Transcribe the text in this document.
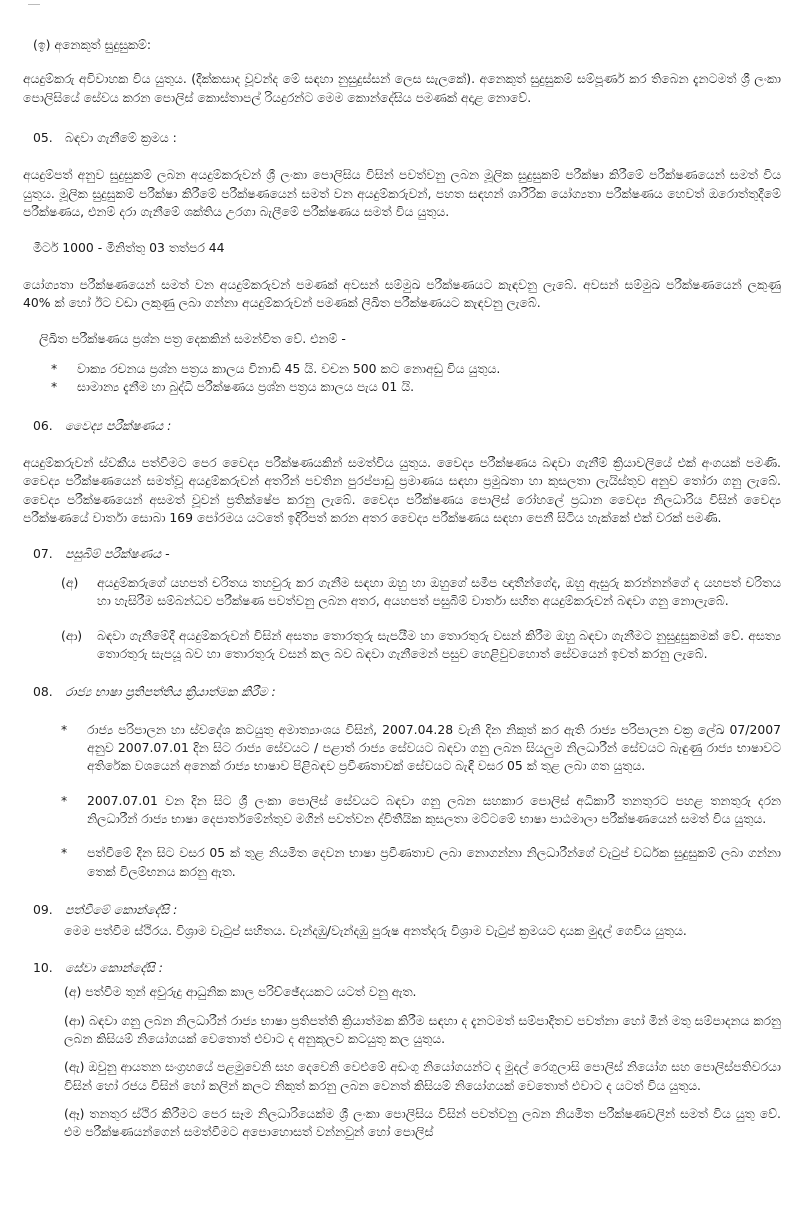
(ඉ) අනෙකුත් සුදුසුකම්:

අයදුම්කරු අවිවාහක විය යුතුය. (දීක්කසාද වූවන්ද මේ සඳහා නුසුදුස්සන් ලෙස සැලකේ). අනෙකුත් සුදුසුකම් සම්පූර්ණ කර තිබෙන දැනටමත් ශ්‍රී ලංකා පොලිසියේ සේවය කරන පොලිස් කොස්තාපල් රියදුරන්ට මෙම කොන්දේසිය පමණක් අදාළ නොවේ.

05. බඳවා ගැනීමේ ක්‍රමය :

අයදුම්පත් අනුව සුදුසුකම් ලබන අයදුම්කරුවන් ශ්‍රී ලංකා පොලිසිය විසින් පවත්වනු ලබන මූලික සුදුසුකම් පරීක්ෂා කිරීමේ පරීක්ෂණයෙන් සමත් විය යුතුය. මූලික සුදුසුකම් පරීක්ෂා කිරීමේ පරීක්ෂණයෙන් සමත් වන අයදුම්කරුවන්, පහත සඳහන් ශාරීරික යෝග්‍යතා පරීක්ෂණය හෙවත් ඔරොත්තුදීමේ පරීක්ෂණය, එනම් දරා ගැනීමේ ශක්තිය උරගා බැලීමේ පරීක්ෂණය සමත් විය යුතුය.

මීටර් 1000 - මිනිත්තු 03 තත්පර 44

යෝග්‍යතා පරීක්ෂණයෙන් සමත් වන අයදුම්කරුවන් පමණක් අවසන් සම්මුඛ පරීක්ෂණයට කැඳවනු ලැබේ. අවසන් සම්මුඛ පරීක්ෂණයෙන් ලකුණු 40% ක් හෝ ඊට වඩා ලකුණු ලබා ගන්නා අයදුම්කරුවන් පමණක් ලිඛිත පරීක්ෂණයට කැඳවනු ලැබේ.

ලිඛිත පරීක්ෂණය ප්‍රශ්න පත්‍ර දෙකකින් සමන්විත වේ. එනම් -

*	වාක්‍ය රචනය ප්‍රශ්න පත්‍රය කාලය විනාඩි 45 යි. වචන 500 කට නොඅඩු විය යුතුය.
*	සාමාන්‍ය දැනීම හා බුද්ධි පරීක්ෂණය ප්‍රශ්න පත්‍රය කාලය පැය 01 යි.

06. වෛද්‍ය පරීක්ෂණය :

අයදුම්කරුවන් ස්වකීය පත්වීමට පෙර වෛද්‍ය පරීක්ෂණයකින් සමත්විය යුතුය. වෛද්‍ය පරීක්ෂණය බඳවා ගැනීම් ක්‍රියාවලියේ එක් අංගයක් පමණි. වෛද්‍ය පරීක්ෂණයෙන් සමත්වූ අයදුම්කරුවන් අතරින් පවතින පුරප්පාඩු ප්‍රමාණය සඳහා ප්‍රමුඛතා හා කුසලතා ලැයිස්තුව අනුව තෝරා ගනු ලැබේ. වෛද්‍ය පරීක්ෂණයෙන් අසමත් වූවන් ප්‍රතික්ෂේප කරනු ලැබේ. වෛද්‍ය පරීක්ෂණය පොලිස් රෝහලේ ප්‍රධාන වෛද්‍ය නිලධාරිය විසින් වෛද්‍ය පරීක්ෂණයේ වාර්තා සොබා 169 පෝරමය යටතේ ඉදිරිපත් කරන අතර වෛද්‍ය පරීක්ෂණය සඳහා පෙනී සිටිය හැක්කේ එක් වරක් පමණි.

07. පසුබිම් පරීක්ෂණය -

(අ)	අයදුම්කරුගේ යහපත් චරිතය තහවුරු කර ගැනීම සඳහා ඔහු හා ඔහුගේ සමීප ඥාතීන්ගේද, ඔහු ඇසුරු කරන්නන්ගේ ද යහපත් චරිතය හා හැසිරීම සම්බන්ධව පරීක්ෂණ පවත්වනු ලබන අතර, අයහපත් පසුබිම් වාර්තා සහිත අයදුම්කරුවන් බඳවා ගනු නොලැබේ.
(ආ)	බඳවා ගැනීමේදී අයදුම්කරුවන් විසින් අසත්‍ය තොරතුරු සැපයීම හා තොරතුරු වසන් කිරීම ඔහු බඳවා ගැනීමට නුසුදුසුකමක් වේ. අසත්‍ය තොරතුරු සැපයූ බව හා තොරතුරු වසන් කල බව බඳවා ගැනීමෙන් පසුව හෙළිවුවහොත් සේවයෙන් ඉවත් කරනු ලැබේ.

08. රාජ්‍ය භාෂා ප්‍රතිපත්තිය ක්‍රියාත්මක කිරීම :

*	රාජ්‍ය පරිපාලන හා ස්වදේශ කටයුතු අමාත්‍යාංශය විසින්, 2007.04.28 වැනි දින නිකුත් කර ඇති රාජ්‍ය පරිපාලන චක්‍ර ලේඛ 07/2007 අනුව 2007.07.01 දින සිට රාජ්‍ය සේවයට / පළාත් රාජ්‍ය සේවයට බඳවා ගනු ලබන සියලුම නිලධාරීන් සේවයට බැඳුණු රාජ්‍ය භාෂාවට අතිරේක වශයෙන් අනෙක් රාජ්‍ය භාෂාව පිළිබඳව ප්‍රවීණතාවක් සේවයට බැඳී වසර 05 ක් තුළ ලබා ගත යුතුය.
*	2007.07.01 වන දින සිට ශ්‍රී ලංකා පොලිස් සේවයට බඳවා ගනු ලබන සහකාර පොලිස් අධිකාරී තනතුරට පහළ තනතුරු දරන නිලධාරීන් රාජ්‍ය භාෂා දෙපාර්තමේන්තුව මගින් පවත්වන ද්විතීයික කුසලතා මට්ටමේ භාෂා පාඨමාලා පරීක්ෂණයෙන් සමත් විය යුතුය.
*	පත්වීමේ දින සිට වසර 05 ක් තුළ නියමිත දෙවන භාෂා ප්‍රවීණතාව ලබා නොගන්නා නිලධාරීන්ගේ වැටුප් වර්ධක සුදුසුකම් ලබා ගන්නා තෙක් විලම්භනය කරනු ඇත.

09. පත්වීමේ කොන්දේසි :

මෙම පත්වීම ස්ථිරය. විශ්‍රාම වැටුප් සහිතය. වැන්දඹු/වැන්දඹු පුරුෂ අනත්දරු විශ්‍රාම වැටුප් ක්‍රමයට දායක මුදල් ගෙවිය යුතුය.

10. සේවා කොන්දේසි :

(අ) පත්වීම තුන් අවුරුදු ආධුනික කාල පරිච්ඡේදයකට යටත් වනු ඇත.

(ආ) බඳවා ගනු ලබන නිලධාරීන් රාජ්‍ය භාෂා ප්‍රතිපත්ති ක්‍රියාත්මක කිරීම සඳහා ද දැනටමත් සම්පාදිතව පවත්නා හෝ මින් මතු සම්පාදනය කරනු ලබන කිසියම් නියෝගයක් වෙතොත් එවාට ද අනුකූලව කටයුතු කල යුතුය.

(ඇ) ඔවුනු ආයතන සංග්‍රහයේ පළමුවෙනි සහ දෙවෙනි වෙළුමේ අඩංගු නියෝගයන්ට ද මුදල් රෙගුලාසි පොලිස් නියෝග සහ පොලිස්පතිවරයා විසින් හෝ රජය විසින් හෝ කලින් කලට නිකුත් කරනු ලබන වෙනත් කිසියම් නියෝගයක් වෙතොත් එවාට ද යටත් විය යුතුය.

(ඈ) තනතුර ස්ථිර කිරීමට පෙර සෑම නිලධාරියෙක්ම ශ්‍රී ලංකා පොලිසිය විසින් පවත්වනු ලබන නියමිත පරීක්ෂණවලින් සමත් විය යුතු වේ. එම පරීක්ෂණයන්ගෙන් සමත්වීමට අපොහොසත් වන්නවුන් හෝ පොලිස්
